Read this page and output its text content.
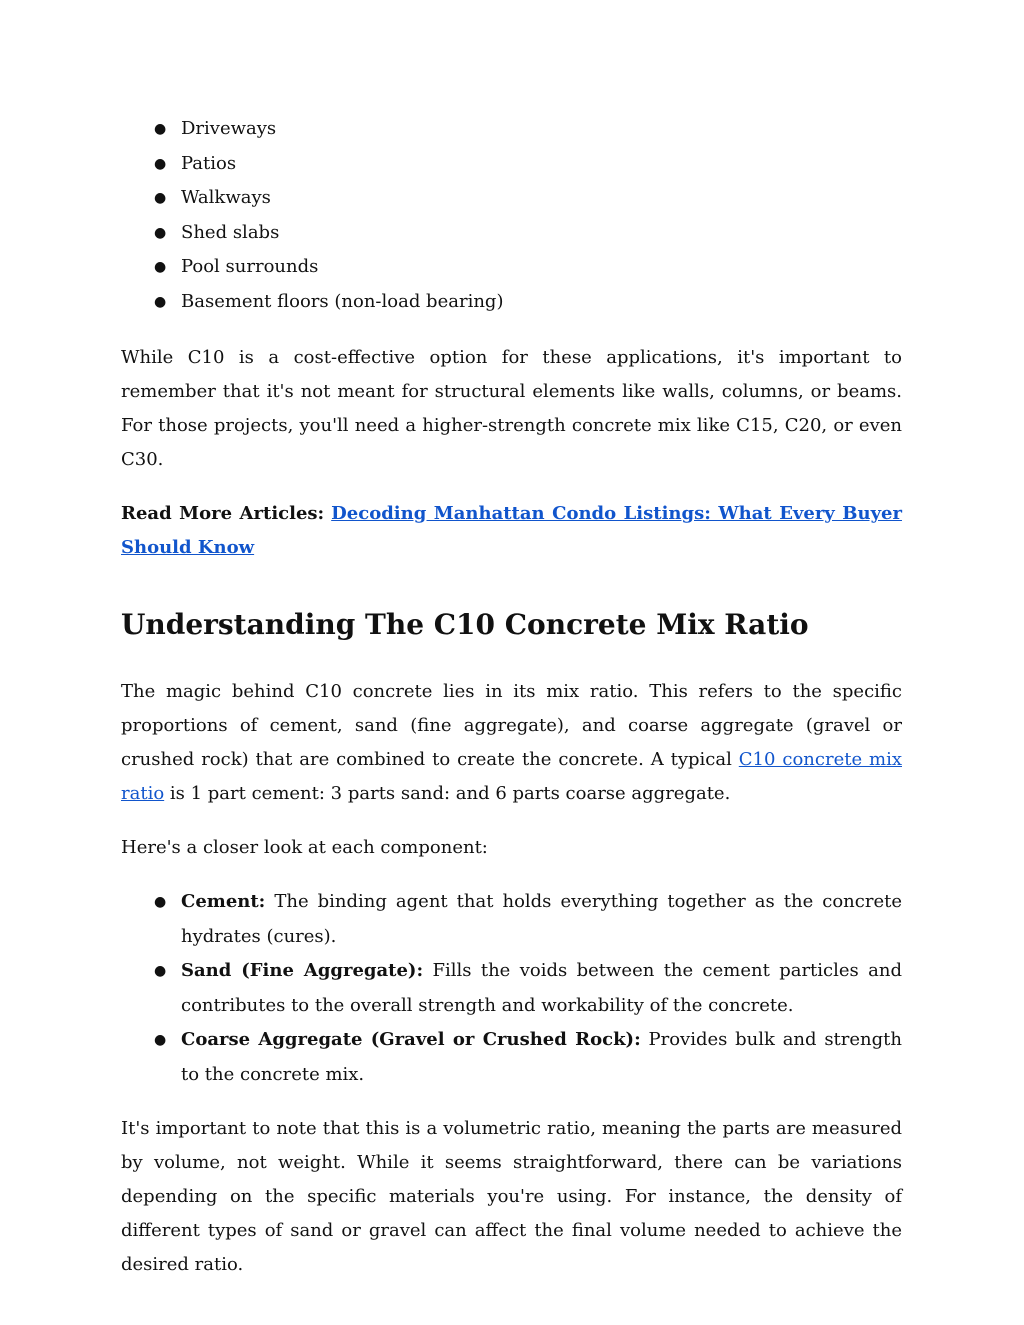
● Driveways
● Patios
● Walkways
● Shed slabs
● Pool surrounds
● Basement floors (non-load bearing)

While C10 is a cost-effective option for these applications, it's important to remember that it's not meant for structural elements like walls, columns, or beams. For those projects, you'll need a higher-strength concrete mix like C15, C20, or even C30.

Read More Articles: Decoding Manhattan Condo Listings: What Every Buyer Should Know

Understanding The C10 Concrete Mix Ratio

The magic behind C10 concrete lies in its mix ratio. This refers to the specific proportions of cement, sand (fine aggregate), and coarse aggregate (gravel or crushed rock) that are combined to create the concrete. A typical C10 concrete mix ratio is 1 part cement: 3 parts sand: and 6 parts coarse aggregate.

Here's a closer look at each component:

● Cement: The binding agent that holds everything together as the concrete hydrates (cures).
● Sand (Fine Aggregate): Fills the voids between the cement particles and contributes to the overall strength and workability of the concrete.
● Coarse Aggregate (Gravel or Crushed Rock): Provides bulk and strength to the concrete mix.

It's important to note that this is a volumetric ratio, meaning the parts are measured by volume, not weight. While it seems straightforward, there can be variations depending on the specific materials you're using. For instance, the density of different types of sand or gravel can affect the final volume needed to achieve the desired ratio.
